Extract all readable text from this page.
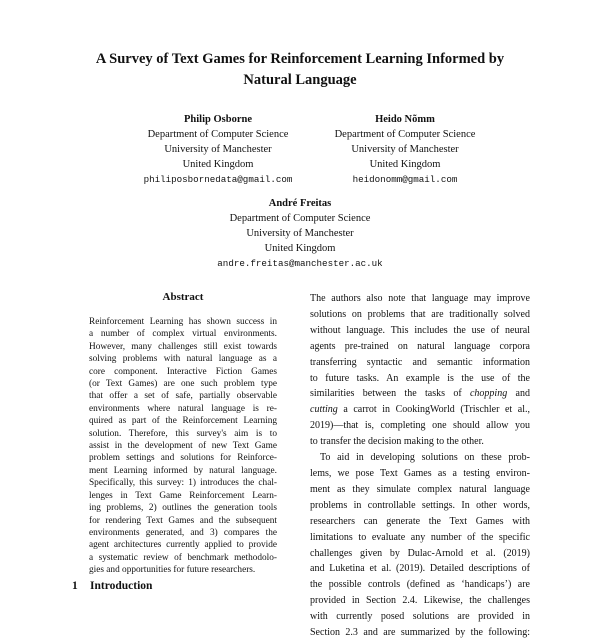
A Survey of Text Games for Reinforcement Learning Informed by
Natural Language
Philip Osborne
Department of Computer Science
University of Manchester
United Kingdom
philiposbornedata@gmail.com
Heido Nõmm
Department of Computer Science
University of Manchester
United Kingdom
heidonomm@gmail.com
André Freitas
Department of Computer Science
University of Manchester
United Kingdom
andre.freitas@manchester.ac.uk
Abstract
Reinforcement Learning has shown success in
a number of complex virtual environments.
However, many challenges still exist towards
solving problems with natural language as a
core component. Interactive Fiction Games
(or Text Games) are one such problem type
that offer a set of safe, partially observable
environments where natural language is re-
quired as part of the Reinforcement Learning
solution. Therefore, this survey's aim is to
assist in the development of new Text Game
problem settings and solutions for Reinforce-
ment Learning informed by natural language.
Specifically, this survey: 1) introduces the chal-
lenges in Text Game Reinforcement Learn-
ing problems, 2) outlines the generation tools
for rendering Text Games and the subsequent
environments generated, and 3) compares the
agent architectures currently applied to provide
a systematic review of benchmark methodolo-
gies and opportunities for future researchers.
1 Introduction
The authors also note that language may improve
solutions on problems that are traditionally solved
without language. This includes the use of neural
agents pre-trained on natural language corpora
transferring syntactic and semantic information
to future tasks. An example is the use of the
similarities between the tasks of chopping and
cutting a carrot in CookingWorld (Trischler et al.,
2019)—that is, completing one should allow you
to transfer the decision making to the other.
To aid in developing solutions on these prob-
lems, we pose Text Games as a testing environ-
ment as they simulate complex natural language
problems in controllable settings. In other words,
researchers can generate the Text Games with
limitations to evaluate any number of the specific
challenges given by Dulac-Arnold et al. (2019)
and Luketina et al. (2019). Detailed descriptions of
the possible controls (defined as ‘handicaps’) are
provided in Section 2.4. Likewise, the challenges
with currently posed solutions are provided in
Section 2.3 and are summarized by the following:
